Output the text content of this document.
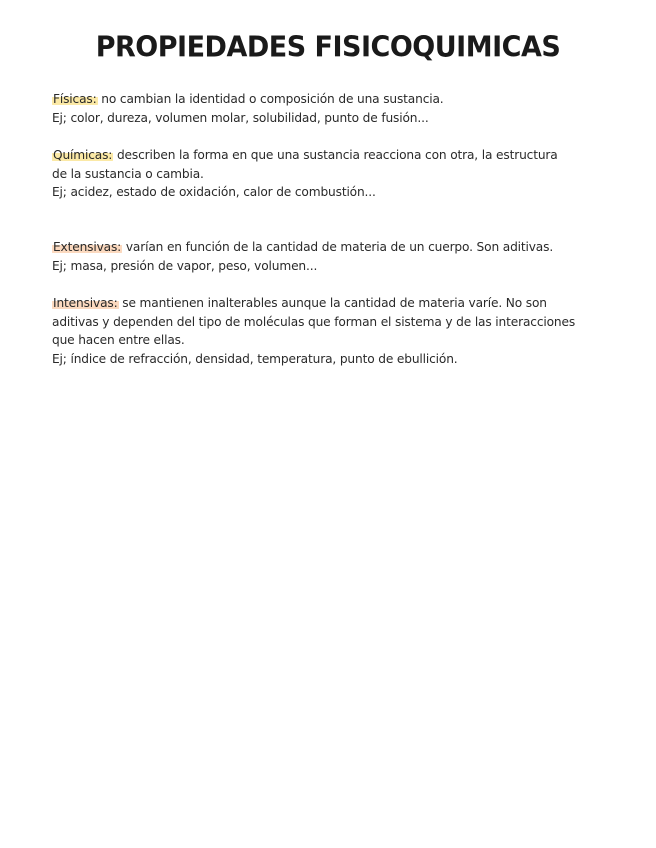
PROPIEDADES FISICOQUIMICAS
Físicas: no cambian la identidad o composición de una sustancia.
Ej; color, dureza, volumen molar, solubilidad, punto de fusión...
Químicas: describen la forma en que una sustancia reacciona con otra, la estructura
de la sustancia o cambia.
Ej; acidez, estado de oxidación, calor de combustión...
Extensivas: varían en función de la cantidad de materia de un cuerpo. Son aditivas.
Ej; masa, presión de vapor, peso, volumen...
Intensivas: se mantienen inalterables aunque la cantidad de materia varíe. No son
aditivas y dependen del tipo de moléculas que forman el sistema y de las interacciones
que hacen entre ellas.
Ej; índice de refracción, densidad, temperatura, punto de ebullición.
